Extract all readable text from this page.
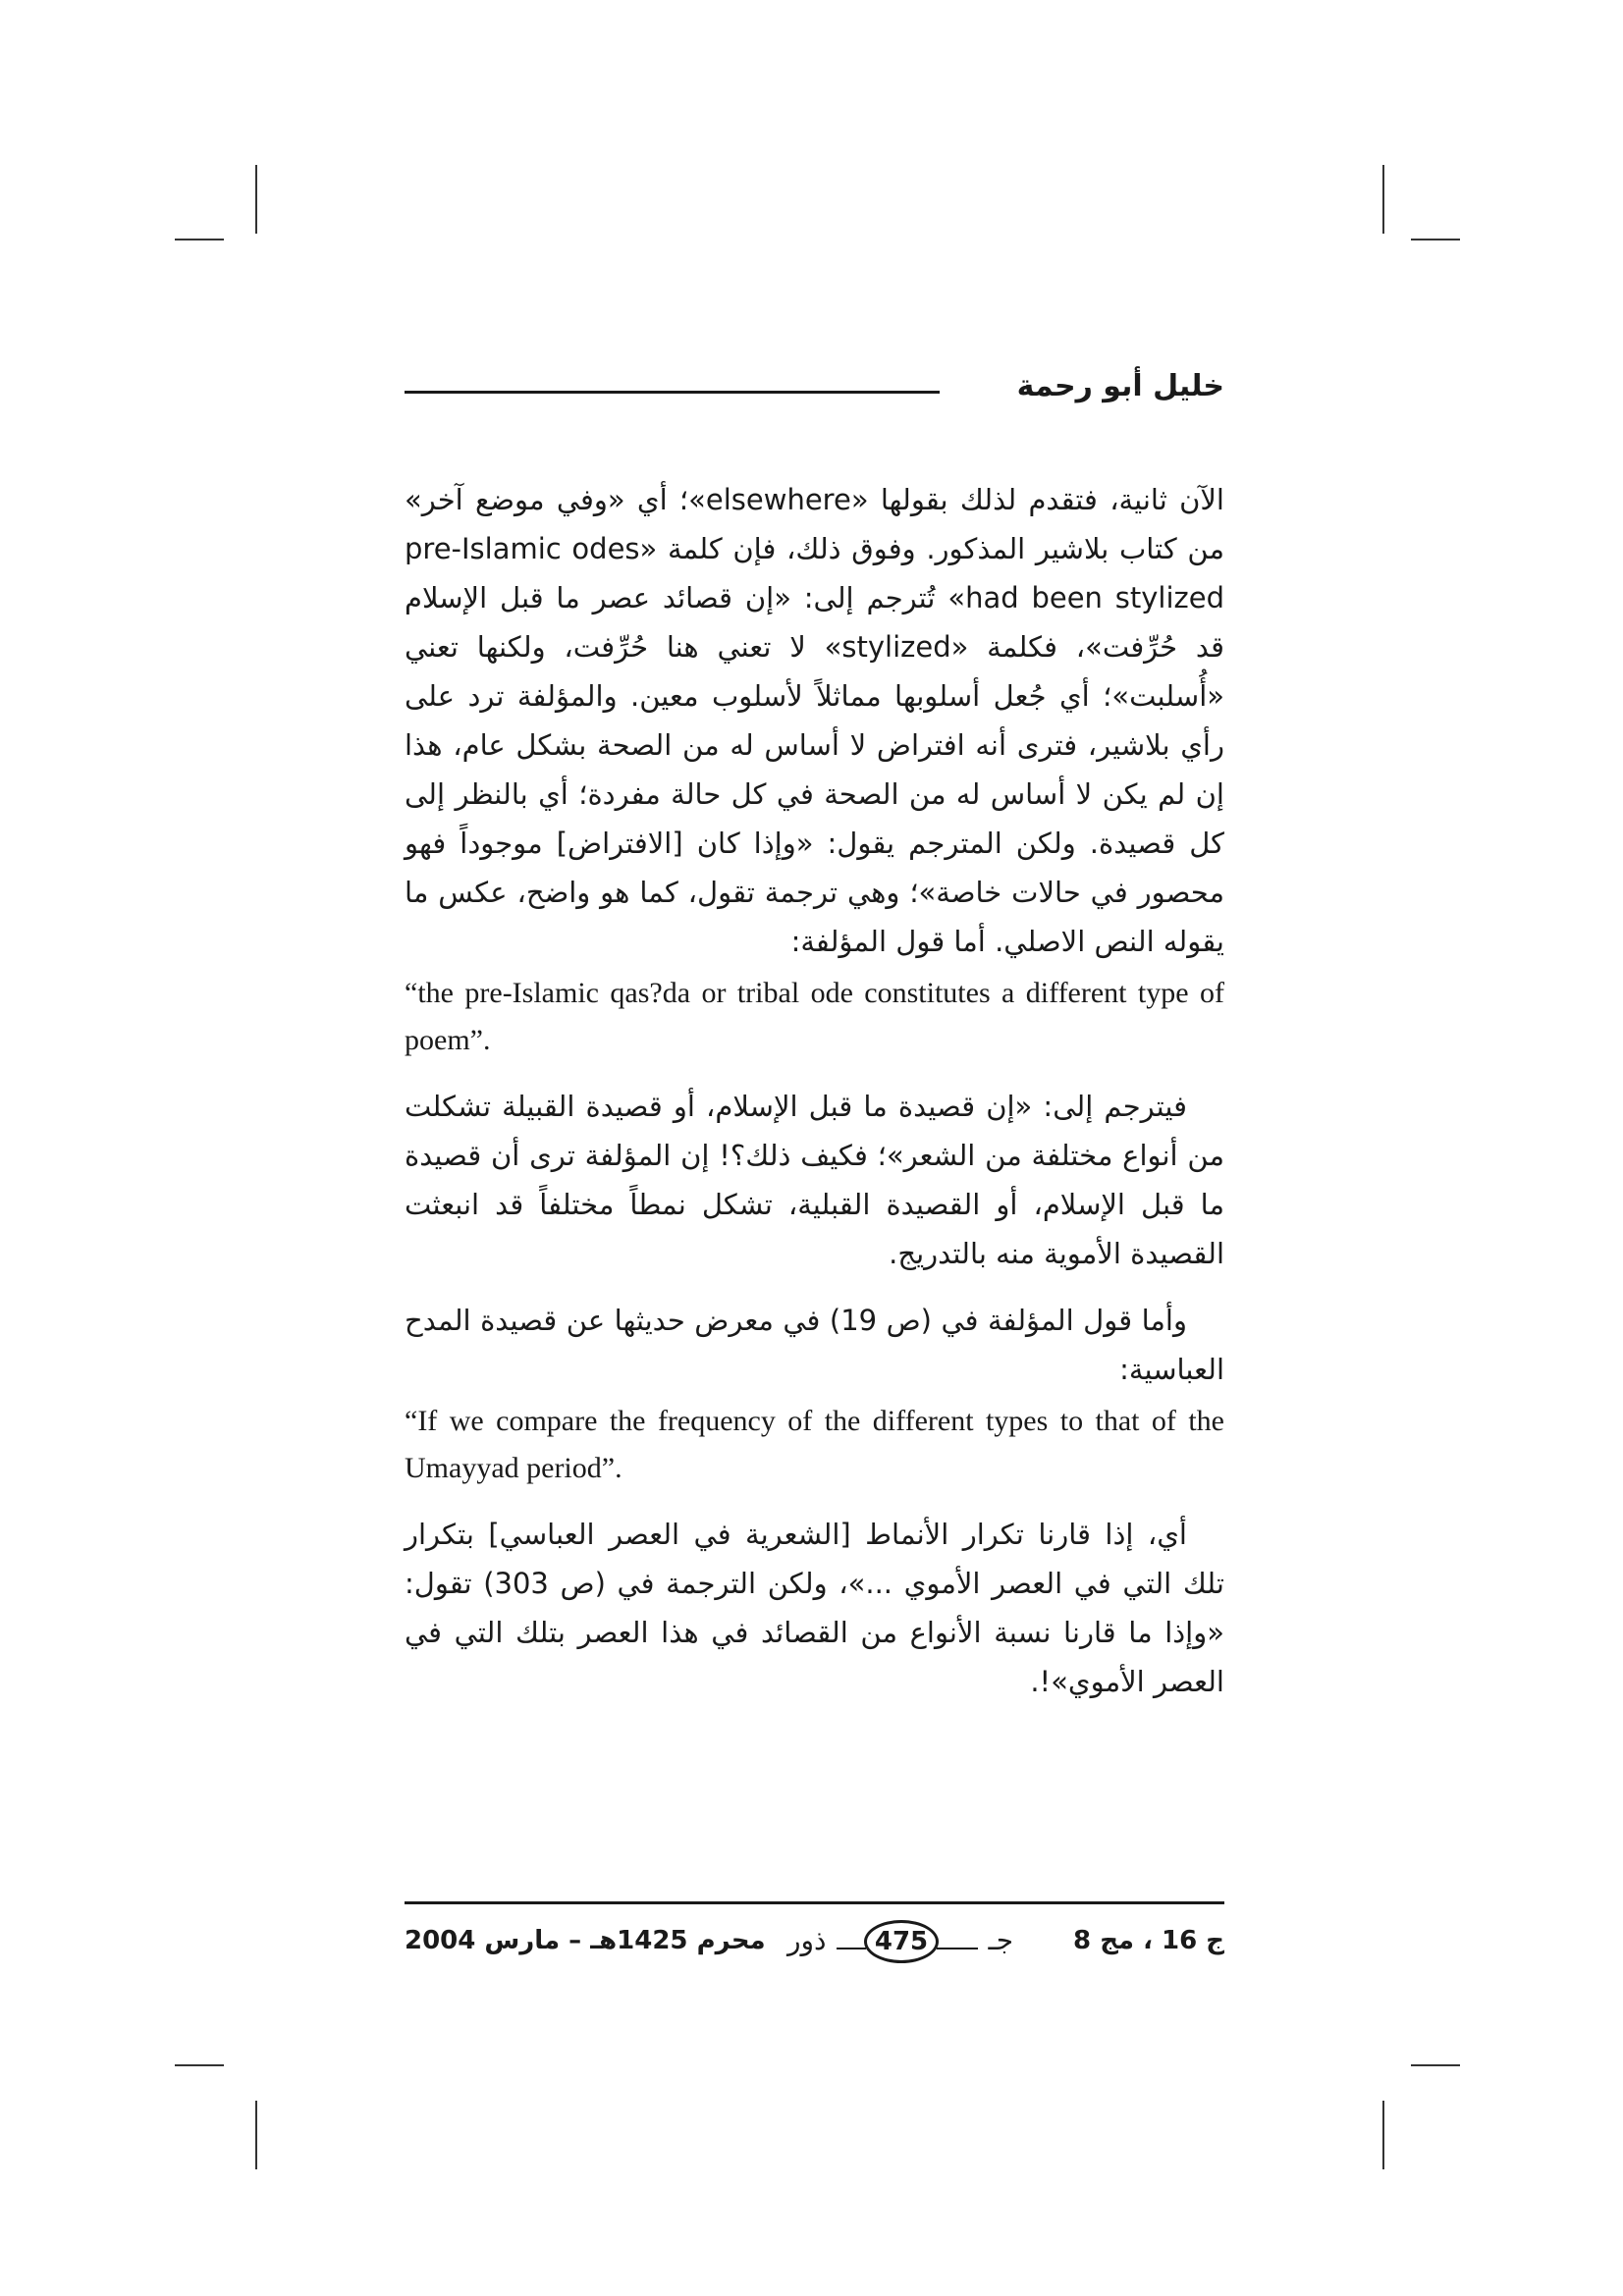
خليل أبو رحمة

الآن ثانية، فتقدم لذلك بقولها «elsewhere»؛ أي «وفي موضع آخر» من كتاب بلاشير المذكور. وفوق ذلك، فإن كلمة «pre-Islamic odes had been stylized» تُترجم إلى: «إن قصائد عصر ما قبل الإسلام قد حُرِّفت»، فكلمة «stylized» لا تعني هنا حُرِّفت، ولكنها تعني «أُسلبت»؛ أي جُعل أسلوبها مماثلاً لأسلوب معين. والمؤلفة ترد على رأي بلاشير، فترى أنه افتراض لا أساس له من الصحة بشكل عام، هذا إن لم يكن لا أساس له من الصحة في كل حالة مفردة؛ أي بالنظر إلى كل قصيدة. ولكن المترجم يقول: «وإذا كان [الافتراض] موجوداً فهو محصور في حالات خاصة»؛ وهي ترجمة تقول، كما هو واضح، عكس ما يقوله النص الاصلي. أما قول المؤلفة:

“the pre-Islamic qas?da or tribal ode constitutes a different type of poem”.

فيترجم إلى: «إن قصيدة ما قبل الإسلام، أو قصيدة القبيلة تشكلت من أنواع مختلفة من الشعر»؛ فكيف ذلك؟! إن المؤلفة ترى أن قصيدة ما قبل الإسلام، أو القصيدة القبلية، تشكل نمطاً مختلفاً قد انبعثت القصيدة الأموية منه بالتدريج.

وأما قول المؤلفة في (ص 19) في معرض حديثها عن قصيدة المدح العباسية:

“If we compare the frequency of the different types to that of the Umayyad period”.

أي، إذا قارنا تكرار الأنماط [الشعرية في العصر العباسي] بتكرار تلك التي في العصر الأموي ...»، ولكن الترجمة في (ص 303) تقول: «وإذا ما قارنا نسبة الأنواع من القصائد في هذا العصر بتلك التي في العصر الأموي»!.

ج 16 ، مج 8
ذور	475	جـ
محرم 1425هـ – مارس 2004
